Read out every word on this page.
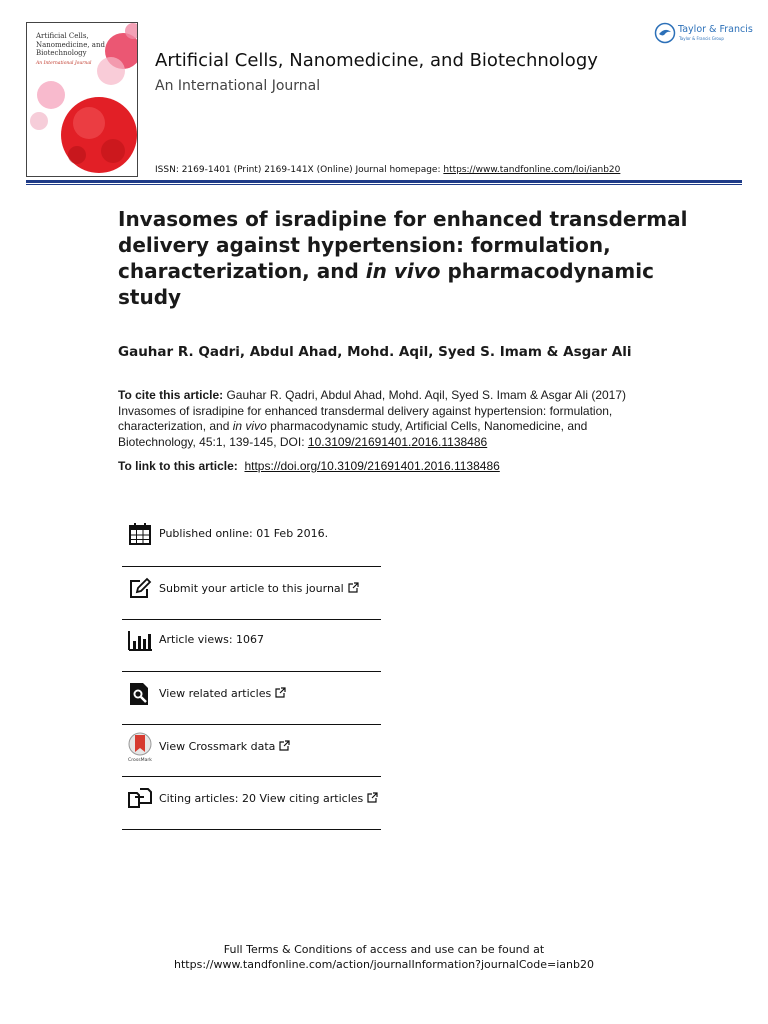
Artificial Cells, Nanomedicine, and Biotechnology
An International Journal	Artificial Cells, Nanomedicine, and Biotechnology
An International Journal
Taylor & Francis
Taylor & Francis Group
ISSN: 2169-1401 (Print) 2169-141X (Online) Journal homepage: https://www.tandfonline.com/loi/ianb20
Invasomes of isradipine for enhanced transdermal delivery against hypertension: formulation, characterization, and in vivo pharmacodynamic study
Gauhar R. Qadri, Abdul Ahad, Mohd. Aqil, Syed S. Imam & Asgar Ali
To cite this article: Gauhar R. Qadri, Abdul Ahad, Mohd. Aqil, Syed S. Imam & Asgar Ali (2017) Invasomes of isradipine for enhanced transdermal delivery against hypertension: formulation, characterization, and in vivo pharmacodynamic study, Artificial Cells, Nanomedicine, and Biotechnology, 45:1, 139-145, DOI: 10.3109/21691401.2016.1138486
To link to this article: https://doi.org/10.3109/21691401.2016.1138486
Published online: 01 Feb 2016.
Submit your article to this journal
Article views: 1067
View related articles
CrossMark
View Crossmark data
Citing articles: 20 View citing articles
Full Terms & Conditions of access and use can be found at
https://www.tandfonline.com/action/journalInformation?journalCode=ianb20
